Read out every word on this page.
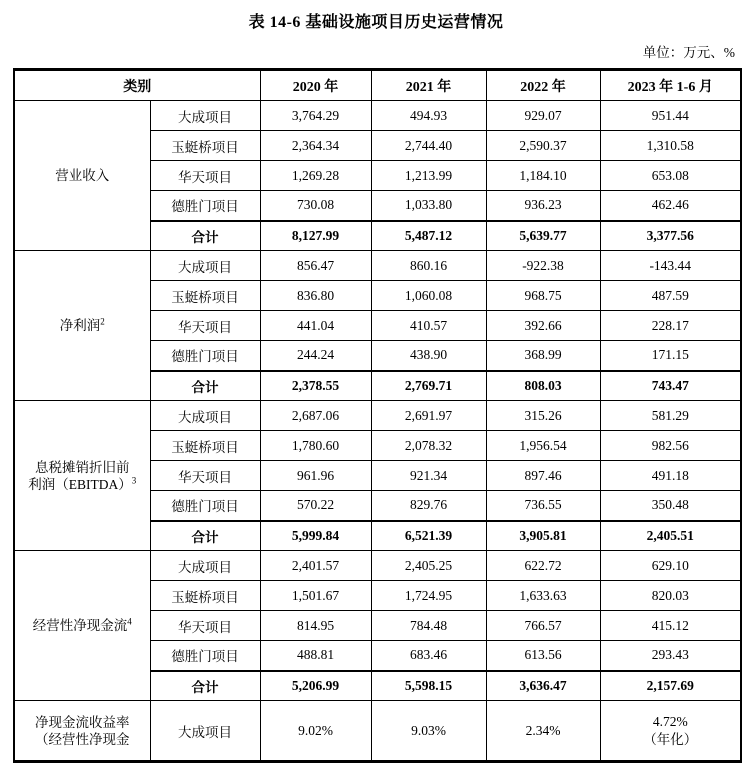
表 14-6 基础设施项目历史运营情况
单位：万元、%
类别		2020 年	2021 年	2022 年	2023 年 1-6 月
营业收入	大成项目	3,764.29	494.93	929.07	951.44
	玉蜓桥项目	2,364.34	2,744.40	2,590.37	1,310.58
	华天项目	1,269.28	1,213.99	1,184.10	653.08
	德胜门项目	730.08	1,033.80	936.23	462.46
	合计	8,127.99	5,487.12	5,639.77	3,377.56
净利润$^2$	大成项目	856.47	860.16	-922.38	-143.44
	玉蜓桥项目	836.80	1,060.08	968.75	487.59
	华天项目	441.04	410.57	392.66	228.17
	德胜门项目	244.24	438.90	368.99	171.15
	合计	2,378.55	2,769.71	808.03	743.47
息税摊销折旧前利润（EBITDA）$^3$	大成项目	2,687.06	2,691.97	315.26	581.29
	玉蜓桥项目	1,780.60	2,078.32	1,956.54	982.56
	华天项目	961.96	921.34	897.46	491.18
	德胜门项目	570.22	829.76	736.55	350.48
	合计	5,999.84	6,521.39	3,905.81	2,405.51
经营性净现金流$^4$	大成项目	2,401.57	2,405.25	622.72	629.10
	玉蜓桥项目	1,501.67	1,724.95	1,633.63	820.03
	华天项目	814.95	784.48	766.57	415.12
	德胜门项目	488.81	683.46	613.56	293.43
	合计	5,206.99	5,598.15	3,636.47	2,157.69
净现金流收益率（经营性净现金	大成项目	9.02%	9.03%	2.34%	4.72%
（年化）
